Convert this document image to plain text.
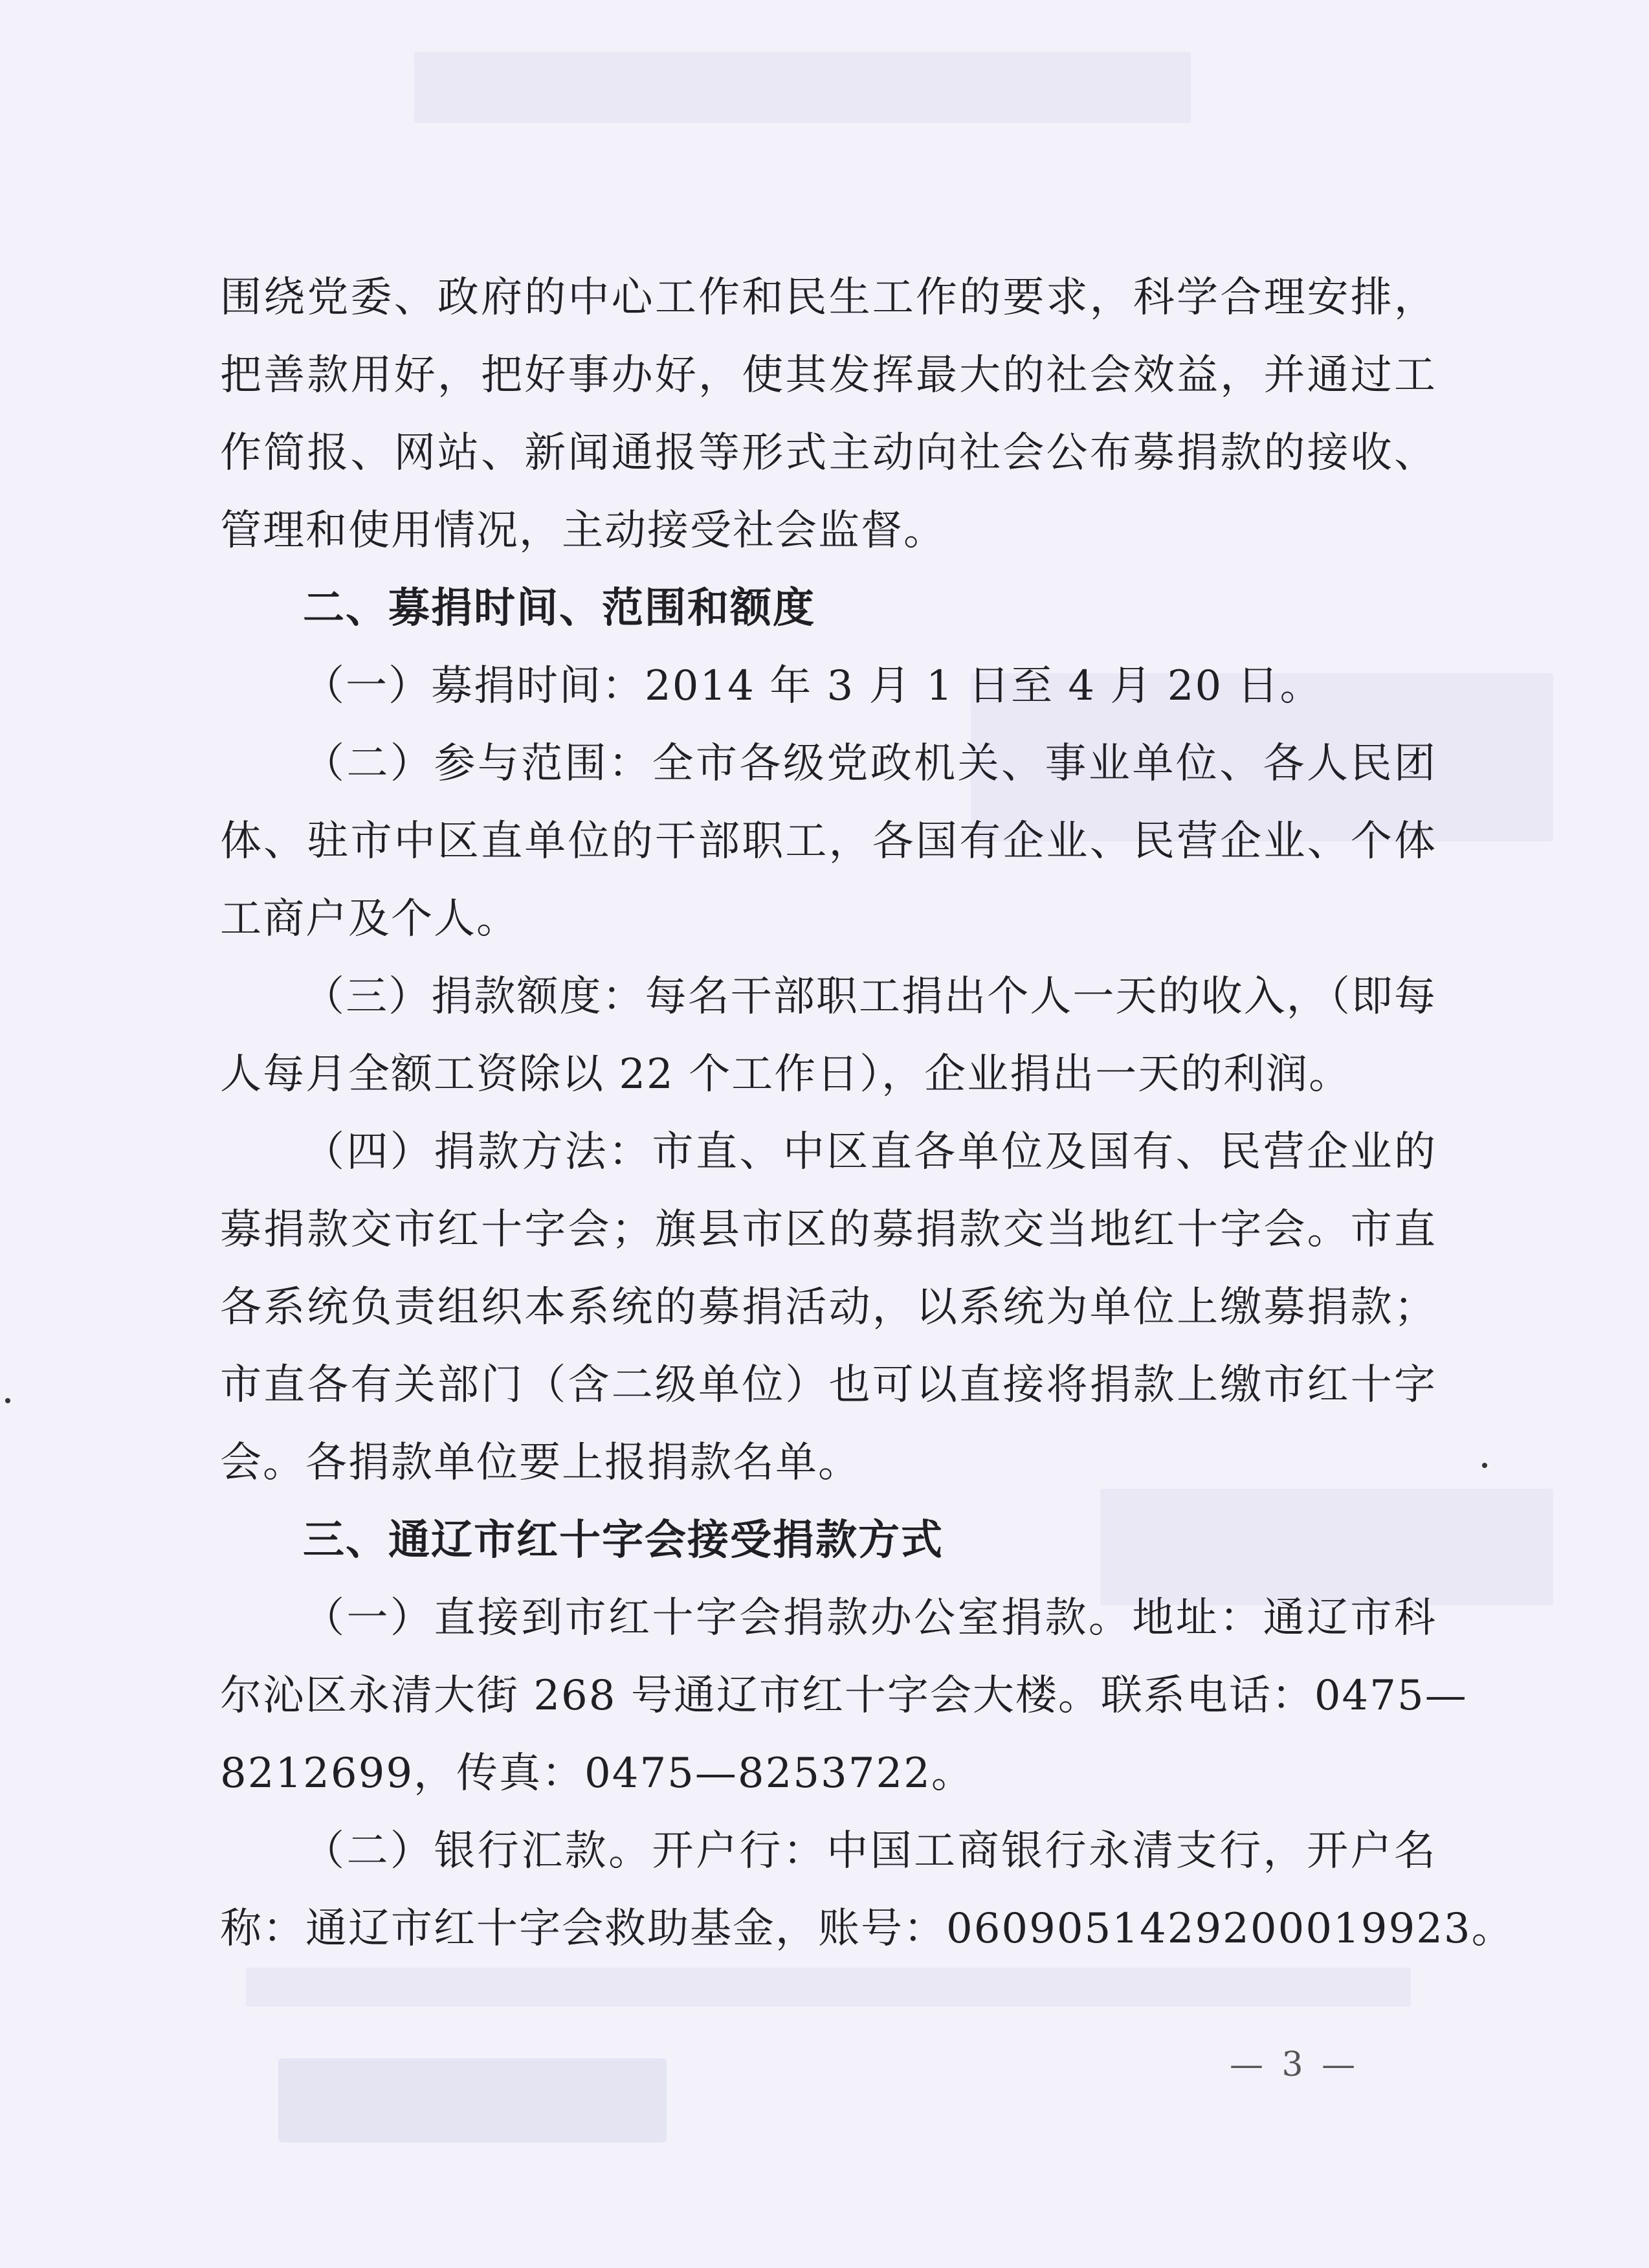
围绕党委、政府的中心工作和民生工作的要求，科学合理安排，
把善款用好，把好事办好，使其发挥最大的社会效益，并通过工
作简报、网站、新闻通报等形式主动向社会公布募捐款的接收、
管理和使用情况，主动接受社会监督。
二、募捐时间、范围和额度
（一）募捐时间：2014 年 3 月 1 日至 4 月 20 日。
（二）参与范围：全市各级党政机关、事业单位、各人民团
体、驻市中区直单位的干部职工，各国有企业、民营企业、个体
工商户及个人。
（三）捐款额度：每名干部职工捐出个人一天的收入，（即每
人每月全额工资除以 22 个工作日），企业捐出一天的利润。
（四）捐款方法：市直、中区直各单位及国有、民营企业的
募捐款交市红十字会；旗县市区的募捐款交当地红十字会。市直
各系统负责组织本系统的募捐活动，以系统为单位上缴募捐款；
市直各有关部门（含二级单位）也可以直接将捐款上缴市红十字
会。各捐款单位要上报捐款名单。
三、通辽市红十字会接受捐款方式
（一）直接到市红十字会捐款办公室捐款。地址：通辽市科
尔沁区永清大街 268 号通辽市红十字会大楼。联系电话：0475—
8212699，传真：0475—8253722。
（二）银行汇款。开户行：中国工商银行永清支行，开户名
称：通辽市红十字会救助基金，账号：0609051429200019923。
— 3 —
